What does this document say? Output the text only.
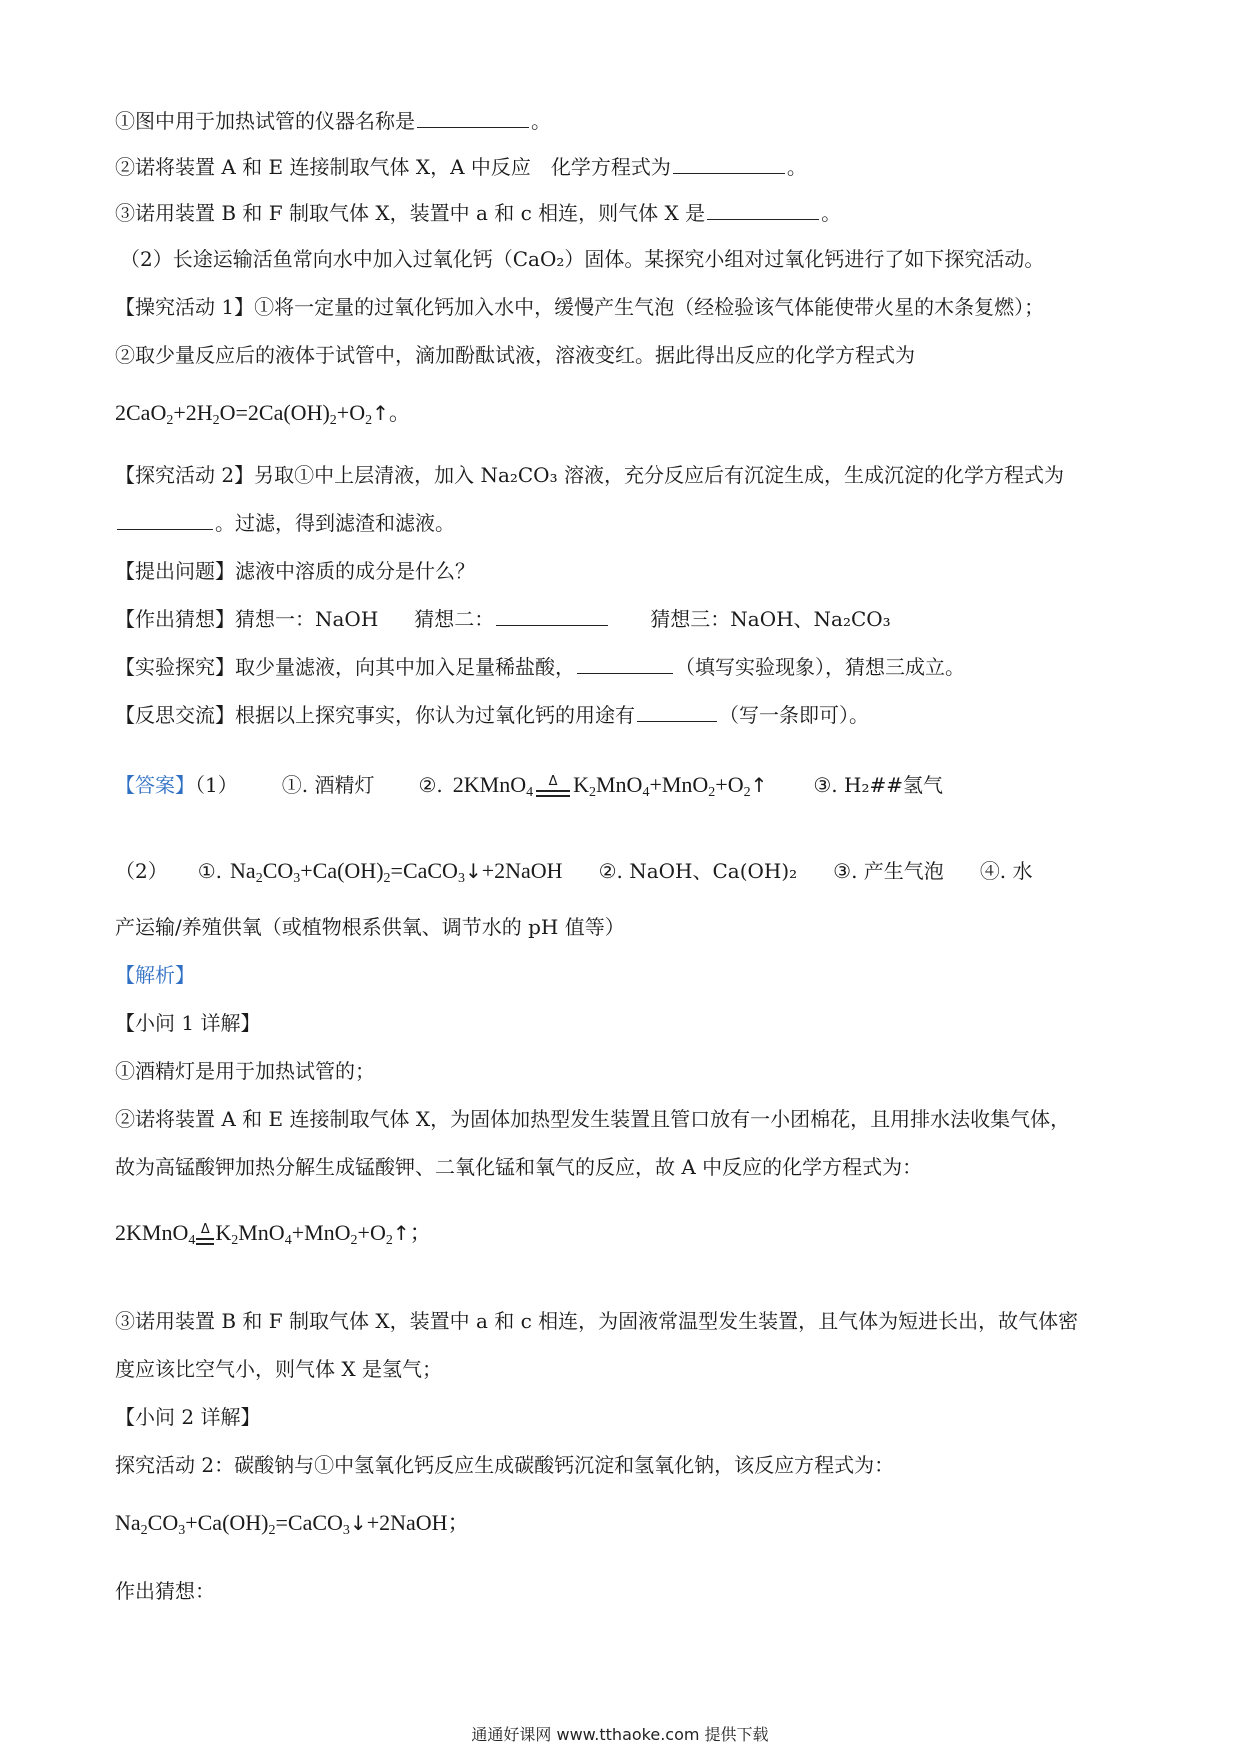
①图中用于加热试管的仪器名称是	。
②诺将装置 A 和 E 连接制取气体 X，A 中反应 化学方程式为	。
③诺用装置 B 和 F 制取气体 X，装置中 a 和 c 相连，则气体 X 是	。
（2）长途运输活鱼常向水中加入过氧化钙（CaO₂）固体。某探究小组对过氧化钙进行了如下探究活动。
【操究活动 1】①将一定量的过氧化钙加入水中，缓慢产生气泡（经检验该气体能使带火星的木条复燃）；
②取少量反应后的液体于试管中，滴加酚酞试液，溶液变红。据此得出反应的化学方程式为
$2CaO_2+2H_2O=2Ca(OH)_2+O_2↑$。
【探究活动 2】另取①中上层清液，加入 Na₂CO₃ 溶液，充分反应后有沉淀生成，生成沉淀的化学方程式为
。过滤，得到滤渣和滤液。
【提出问题】滤液中溶质的成分是什么？
【作出猜想】猜想一：NaOH 猜想二：	猜想三：NaOH、Na₂CO₃
【实验探究】取少量滤液，向其中加入足量稀盐酸，	（填写实验现象），猜想三成立。
【反思交流】根据以上探究事实，你认为过氧化钙的用途有	（写一条即可）。
【答案】（1） ①. 酒精灯 ②. 2KMnO$_4$
Δ $K_2MnO_4+MnO_2+O_2↑$ ③. H₂##氢气
（2） ①. $Na_2CO_3+Ca(OH)_2=CaCO_3↓+2NaOH$ ②. NaOH、Ca(OH)₂ ③. 产生气泡 ④. 水
产运输/养殖供氧（或植物根系供氧、调节水的 pH 值等）
【解析】
【小问 1 详解】
①酒精灯是用于加热试管的；
②诺将装置 A 和 E 连接制取气体 X，为固体加热型发生装置且管口放有一小团棉花，且用排水法收集气体，
故为高锰酸钾加热分解生成锰酸钾、二氧化锰和氧气的反应，故 A 中反应的化学方程式为：
2KMnO$_4$
Δ $K_2MnO_4+MnO_2+O_2↑$；
③诺用装置 B 和 F 制取气体 X，装置中 a 和 c 相连，为固液常温型发生装置，且气体为短进长出，故气体密
度应该比空气小，则气体 X 是氢气；
【小问 2 详解】
探究活动 2：碳酸钠与①中氢氧化钙反应生成碳酸钙沉淀和氢氧化钠，该反应方程式为：
$Na_2CO_3+Ca(OH)_2=CaCO_3↓+2NaOH$；
作出猜想：
通通好课网 www.tthaoke.com 提供下载
